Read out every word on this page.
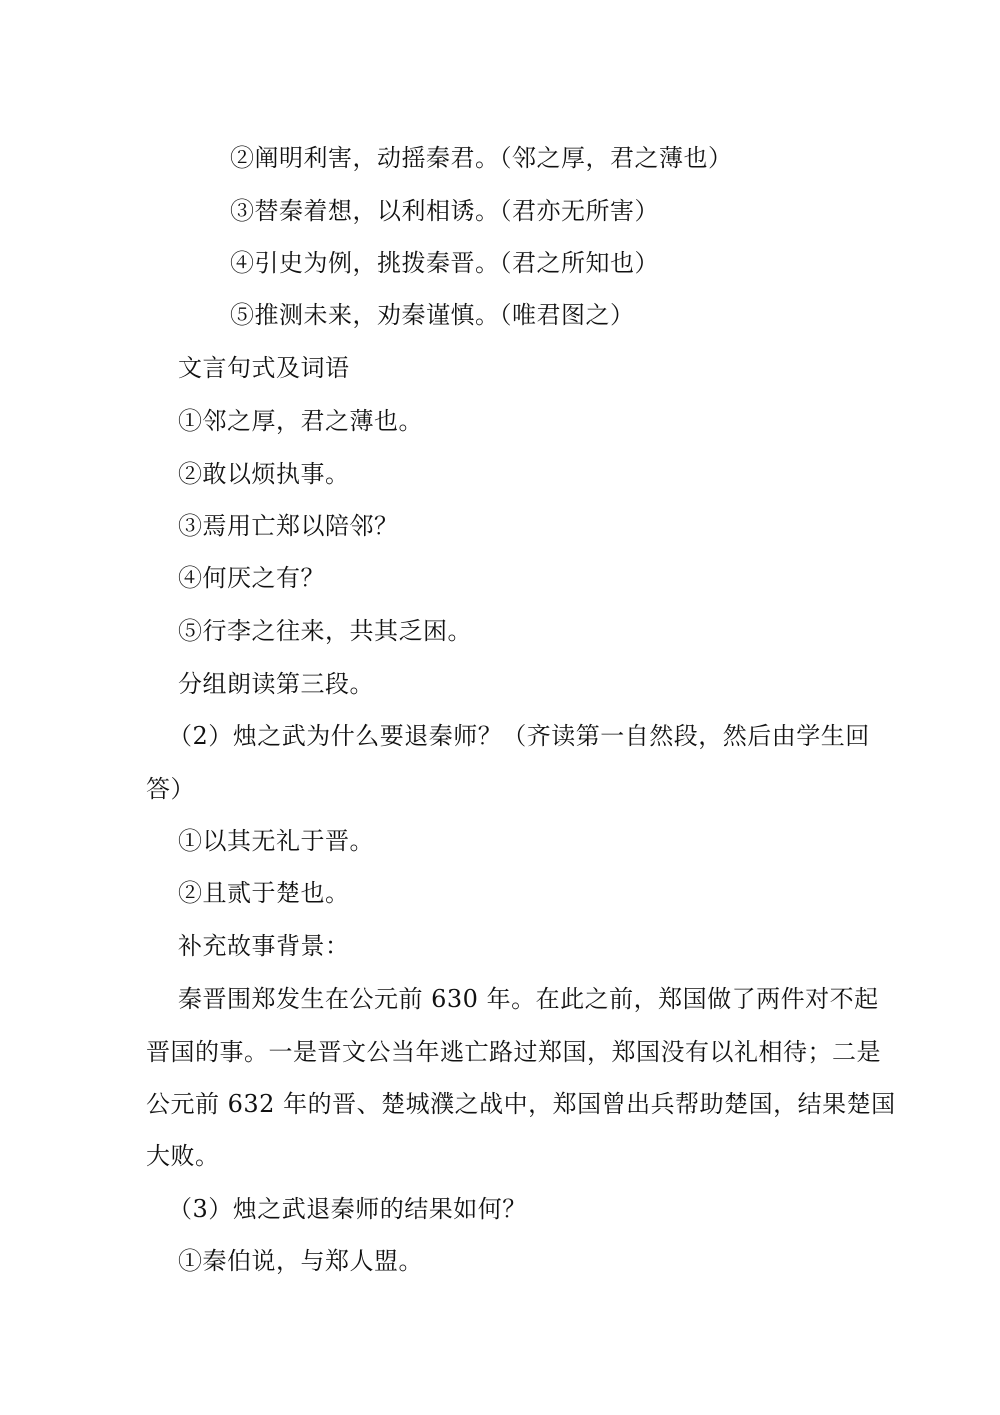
②阐明利害，动摇秦君。（邻之厚，君之薄也）
③替秦着想，以利相诱。（君亦无所害）
④引史为例，挑拨秦晋。（君之所知也）
⑤推测未来，劝秦谨慎。（唯君图之）
文言句式及词语
①邻之厚，君之薄也。
②敢以烦执事。
③焉用亡郑以陪邻？
④何厌之有？
⑤行李之往来，共其乏困。
分组朗读第三段。
（2）烛之武为什么要退秦师？（齐读第一自然段，然后由学生回
答）
①以其无礼于晋。
②且贰于楚也。
补充故事背景：
秦晋围郑发生在公元前 630 年。在此之前，郑国做了两件对不起
晋国的事。一是晋文公当年逃亡路过郑国，郑国没有以礼相待；二是
公元前 632 年的晋、楚城濮之战中，郑国曾出兵帮助楚国，结果楚国
大败。
（3）烛之武退秦师的结果如何？
①秦伯说，与郑人盟。
